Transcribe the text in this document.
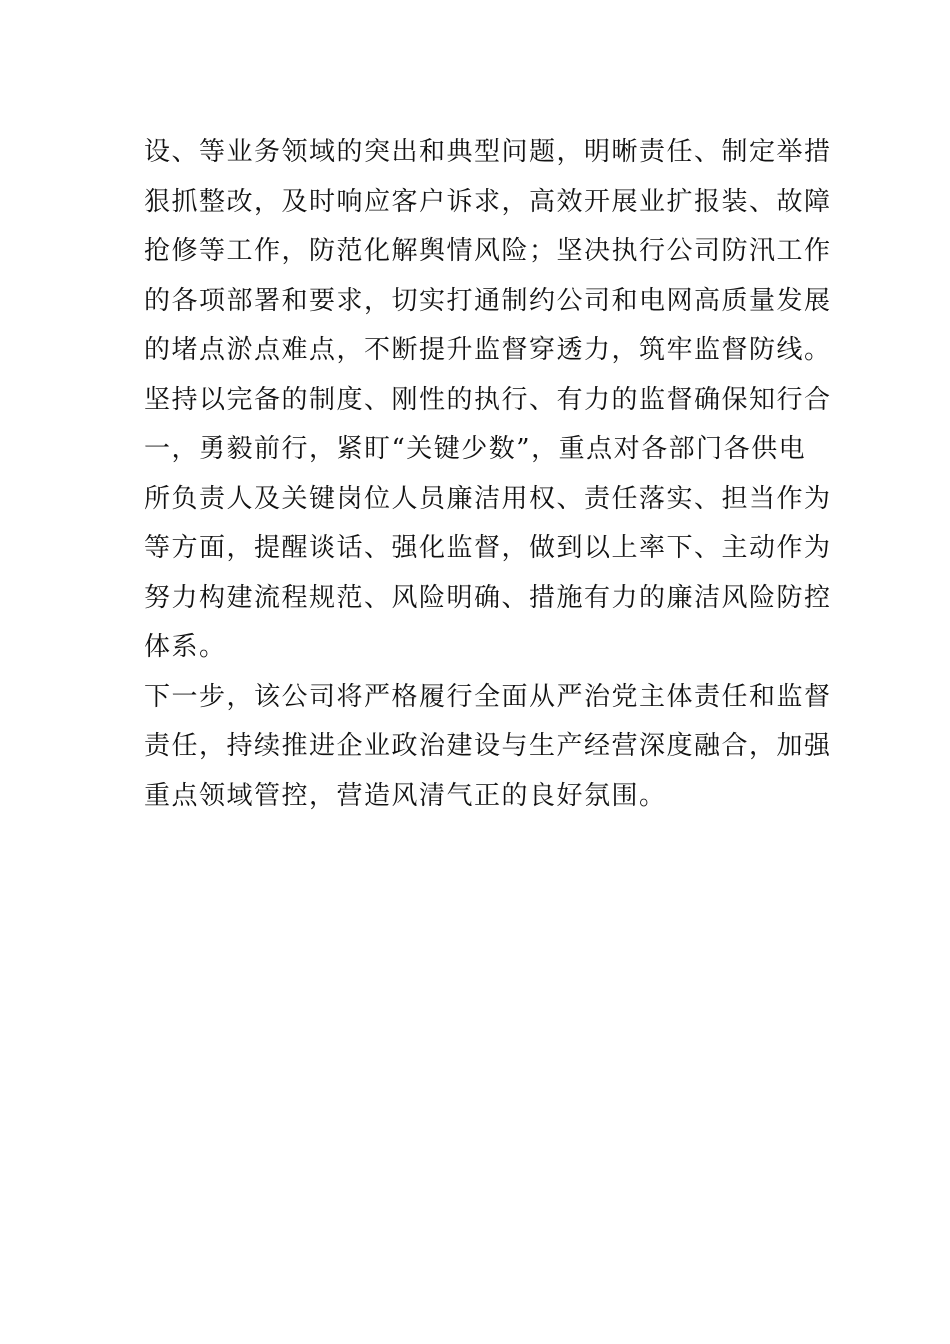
设、等业务领域的突出和典型问题，明晰责任、制定举措
狠抓整改，及时响应客户诉求，高效开展业扩报装、故障
抢修等工作，防范化解舆情风险；坚决执行公司防汛工作
的各项部署和要求，切实打通制约公司和电网高质量发展
的堵点淤点难点，不断提升监督穿透力，筑牢监督防线。
坚持以完备的制度、刚性的执行、有力的监督确保知行合
一，勇毅前行，紧盯“关键少数”，重点对各部门各供电
所负责人及关键岗位人员廉洁用权、责任落实、担当作为
等方面，提醒谈话、强化监督，做到以上率下、主动作为
努力构建流程规范、风险明确、措施有力的廉洁风险防控
体系。
下一步，该公司将严格履行全面从严治党主体责任和监督
责任，持续推进企业政治建设与生产经营深度融合，加强
重点领域管控，营造风清气正的良好氛围。
